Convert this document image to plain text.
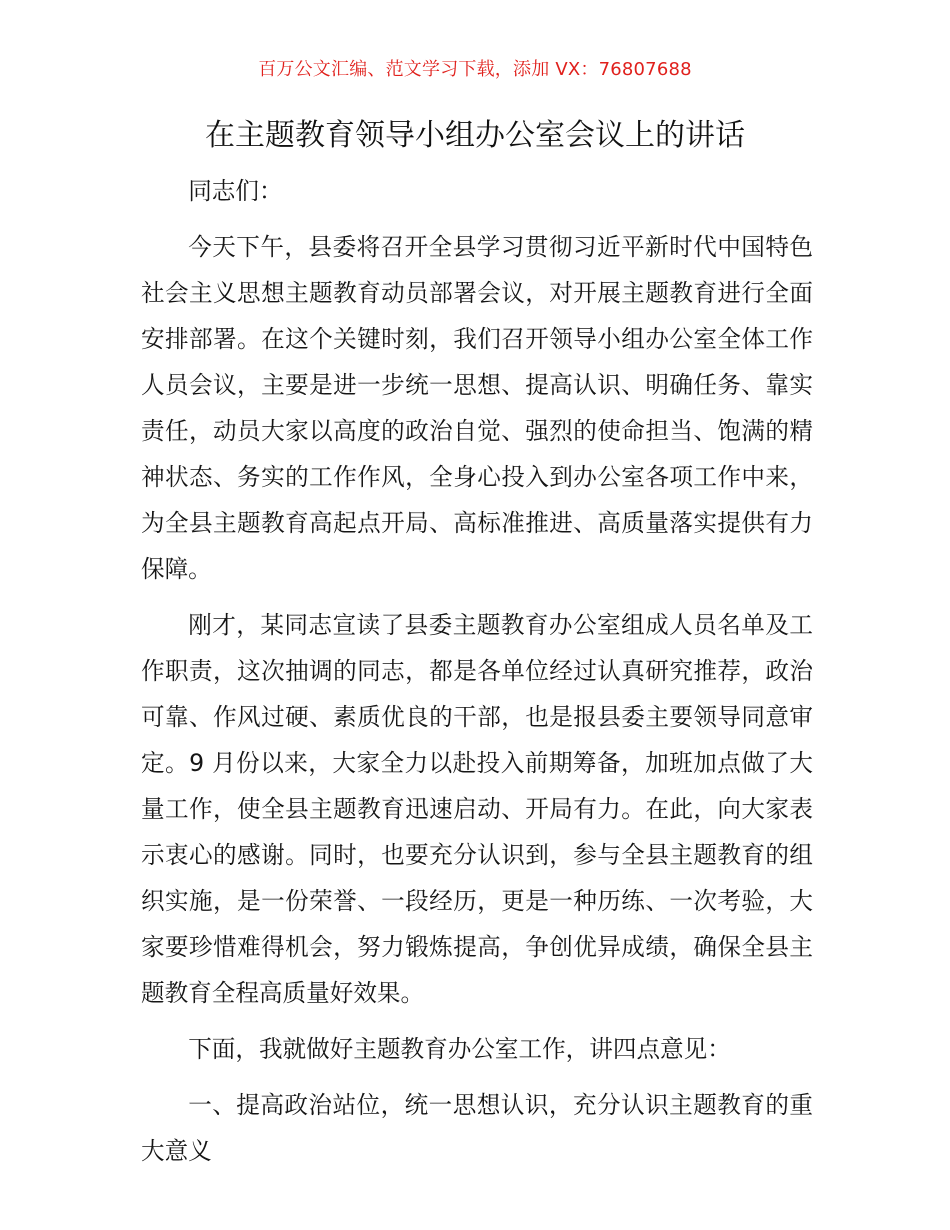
百万公文汇编、范文学习下载，添加 VX：76807688
在主题教育领导小组办公室会议上的讲话

同志们：

今天下午，县委将召开全县学习贯彻习近平新时代中国特色社会主义思想主题教育动员部署会议，对开展主题教育进行全面安排部署。在这个关键时刻，我们召开领导小组办公室全体工作人员会议，主要是进一步统一思想、提高认识、明确任务、靠实责任，动员大家以高度的政治自觉、强烈的使命担当、饱满的精神状态、务实的工作作风，全身心投入到办公室各项工作中来，为全县主题教育高起点开局、高标准推进、高质量落实提供有力保障。

刚才，某同志宣读了县委主题教育办公室组成人员名单及工作职责，这次抽调的同志，都是各单位经过认真研究推荐，政治可靠、作风过硬、素质优良的干部，也是报县委主要领导同意审定。9 月份以来，大家全力以赴投入前期筹备，加班加点做了大量工作，使全县主题教育迅速启动、开局有力。在此，向大家表示衷心的感谢。同时，也要充分认识到，参与全县主题教育的组织实施，是一份荣誉、一段经历，更是一种历练、一次考验，大家要珍惜难得机会，努力锻炼提高，争创优异成绩，确保全县主题教育全程高质量好效果。

下面，我就做好主题教育办公室工作，讲四点意见：

一、提高政治站位，统一思想认识，充分认识主题教育的重大意义
